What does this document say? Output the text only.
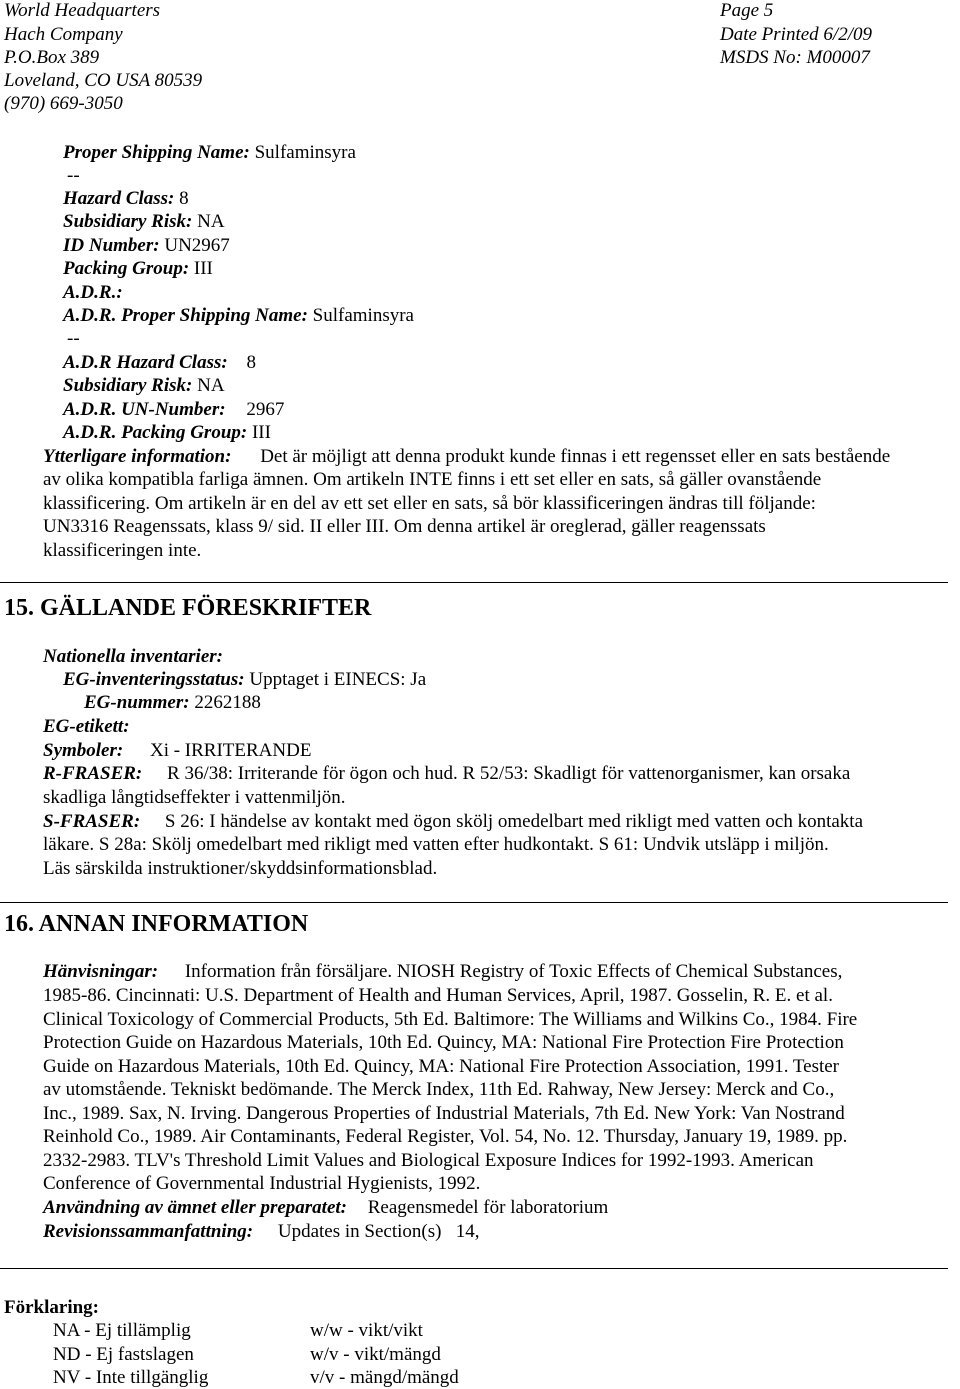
World Headquarters
Hach Company
P.O.Box 389
Loveland, CO USA 80539
(970) 669-3050
Page 5
Date Printed 6/2/09
MSDS No: M00007
Proper Shipping Name: Sulfaminsyra
--
Hazard Class: 8
Subsidiary Risk: NA
ID Number: UN2967
Packing Group: III
A.D.R.:
A.D.R. Proper Shipping Name: Sulfaminsyra
--
A.D.R Hazard Class: 8
Subsidiary Risk: NA
A.D.R. UN-Number: 2967
A.D.R. Packing Group: III
Ytterligare information: Det är möjligt att denna produkt kunde finnas i ett regensset eller en sats bestående
av olika kompatibla farliga ämnen. Om artikeln INTE finns i ett set eller en sats, så gäller ovanstående
klassificering. Om artikeln är en del av ett set eller en sats, så bör klassificeringen ändras till följande:
UN3316 Reagenssats, klass 9/ sid. II eller III. Om denna artikel är oreglerad, gäller reagenssats
klassificeringen inte.
15. GÄLLANDE FÖRESKRIFTER
Nationella inventarier:
EG-inventeringsstatus: Upptaget i EINECS: Ja
EG-nummer: 2262188
EG-etikett:
Symboler: Xi - IRRITERANDE
R-FRASER: R 36/38: Irriterande för ögon och hud. R 52/53: Skadligt för vattenorganismer, kan orsaka
skadliga långtidseffekter i vattenmiljön.
S-FRASER: S 26: I händelse av kontakt med ögon skölj omedelbart med rikligt med vatten och kontakta
läkare. S 28a: Skölj omedelbart med rikligt med vatten efter hudkontakt. S 61: Undvik utsläpp i miljön.
Läs särskilda instruktioner/skyddsinformationsblad.
16. ANNAN INFORMATION
Hänvisningar: Information från försäljare. NIOSH Registry of Toxic Effects of Chemical Substances,
1985-86. Cincinnati: U.S. Department of Health and Human Services, April, 1987. Gosselin, R. E. et al.
Clinical Toxicology of Commercial Products, 5th Ed. Baltimore: The Williams and Wilkins Co., 1984. Fire
Protection Guide on Hazardous Materials, 10th Ed. Quincy, MA: National Fire Protection Fire Protection
Guide on Hazardous Materials, 10th Ed. Quincy, MA: National Fire Protection Association, 1991. Tester
av utomstående. Tekniskt bedömande. The Merck Index, 11th Ed. Rahway, New Jersey: Merck and Co.,
Inc., 1989. Sax, N. Irving. Dangerous Properties of Industrial Materials, 7th Ed. New York: Van Nostrand
Reinhold Co., 1989. Air Contaminants, Federal Register, Vol. 54, No. 12. Thursday, January 19, 1989. pp.
2332-2983. TLV's Threshold Limit Values and Biological Exposure Indices for 1992-1993. American
Conference of Governmental Industrial Hygienists, 1992.
Användning av ämnet eller preparatet: Reagensmedel för laboratorium
Revisionssammanfattning: Updates in Section(s)   14,
Förklaring:
NA - Ej tillämplig
ND - Ej fastslagen
NV - Inte tillgänglig
w/w - vikt/vikt
w/v - vikt/mängd
v/v - mängd/mängd
